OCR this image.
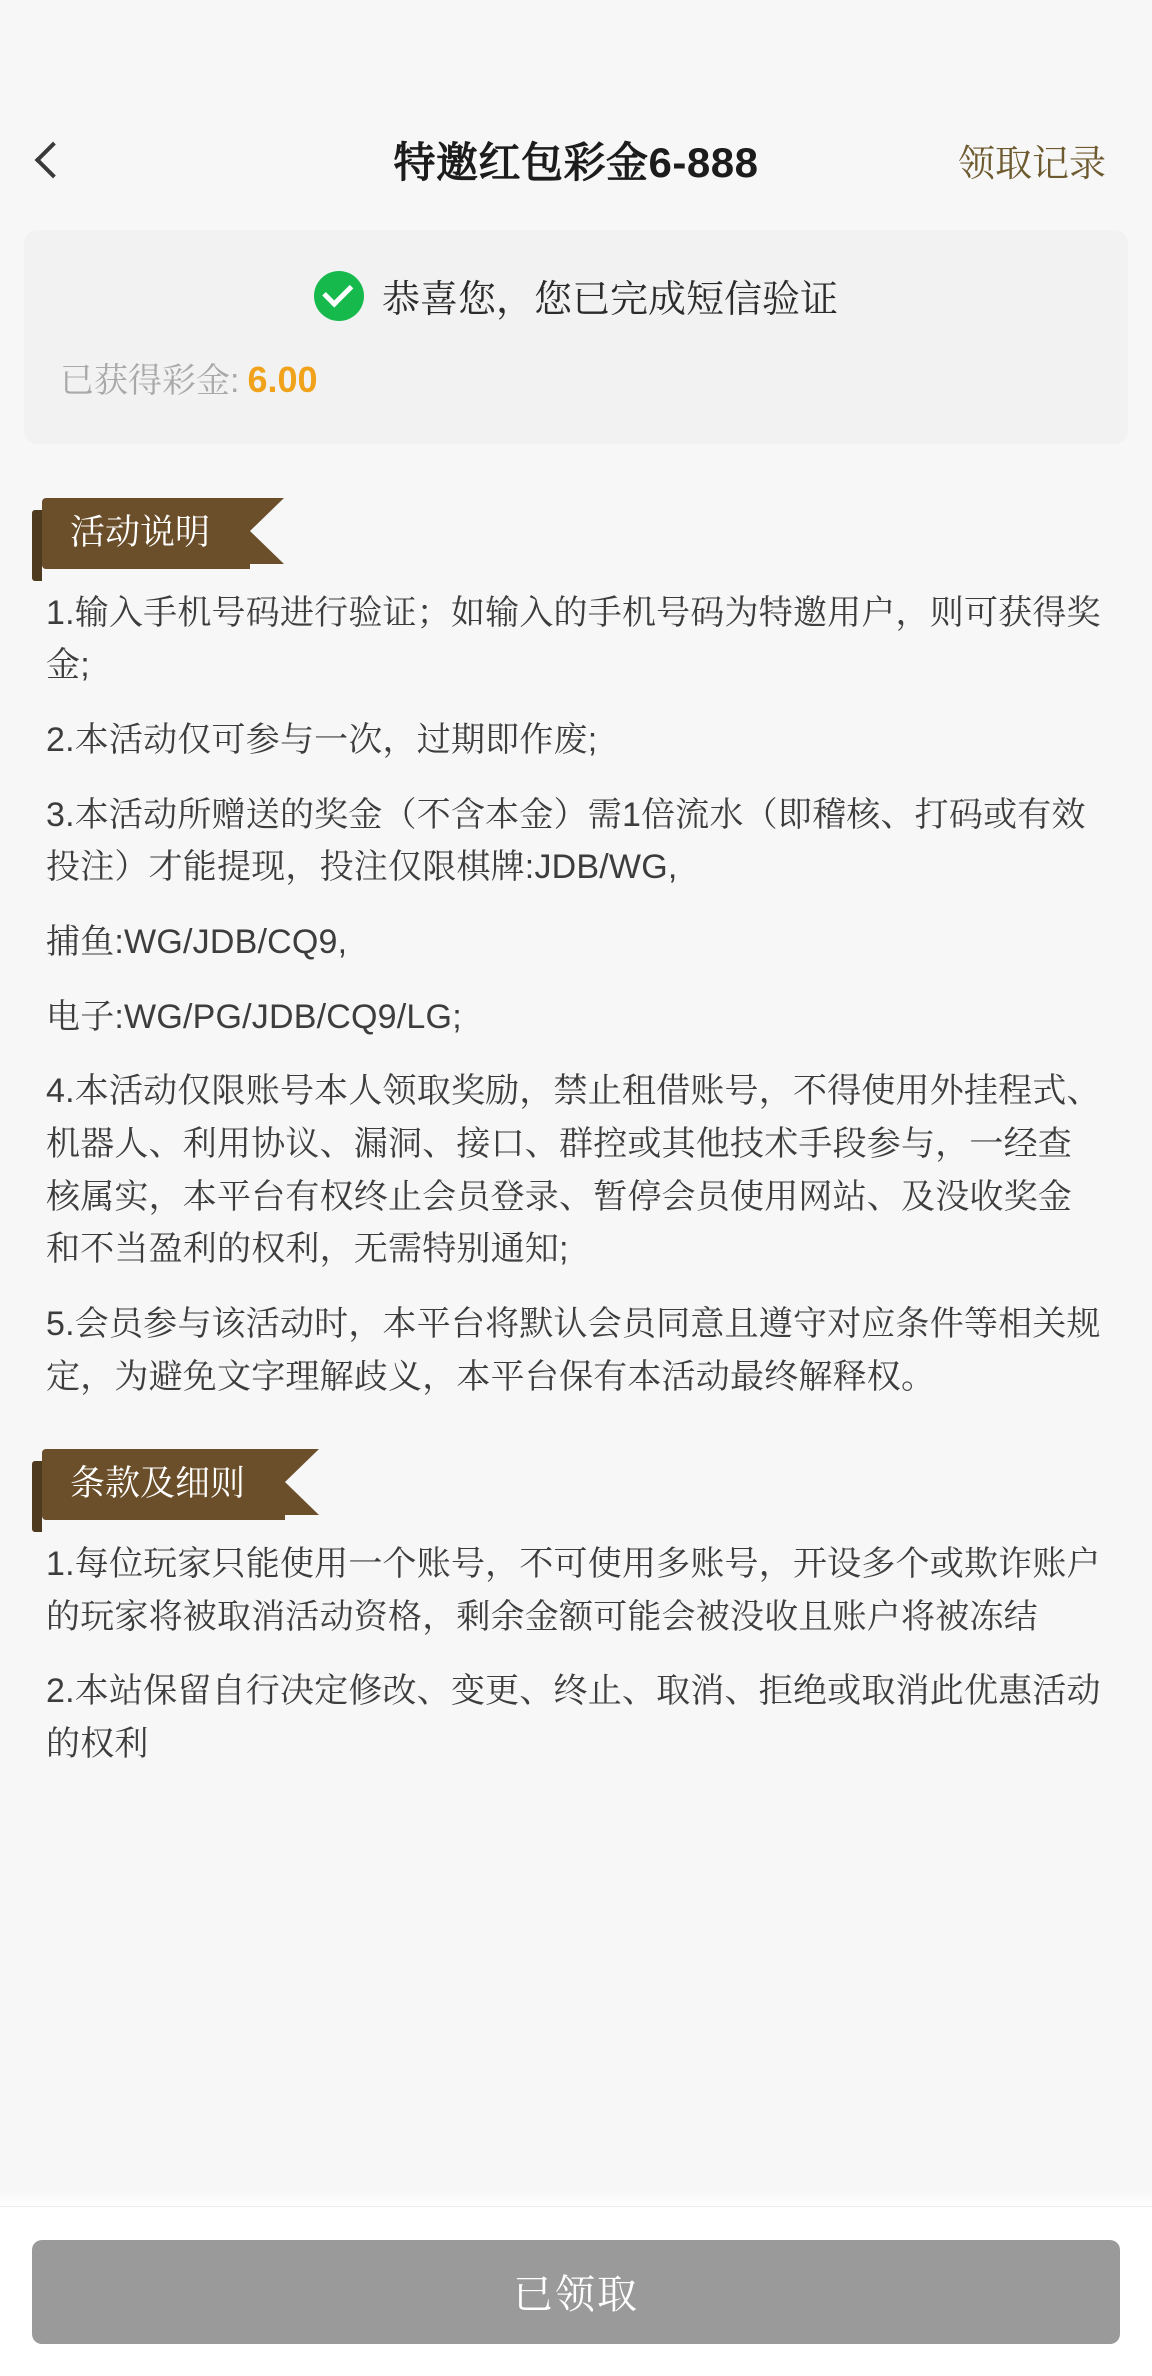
特邀红包彩金6-888	领取记录
恭喜您，您已完成短信验证
已获得彩金: 6.00
活动说明

1.输入手机号码进行验证；如输入的手机号码为特邀用户，则可获得奖金;

2.本活动仅可参与一次，过期即作废;

3.本活动所赠送的奖金（不含本金）需1倍流水（即稽核、打码或有效投注）才能提现，投注仅限棋牌:JDB/WG,

捕鱼:WG/JDB/CQ9,

电子:WG/PG/JDB/CQ9/LG;

4.本活动仅限账号本人领取奖励，禁止租借账号，不得使用外挂程式、机器人、利用协议、漏洞、接口、群控或其他技术手段参与，一经查核属实，本平台有权终止会员登录、暂停会员使用网站、及没收奖金和不当盈利的权利，无需特别通知;

5.会员参与该活动时，本平台将默认会员同意且遵守对应条件等相关规定，为避免文字理解歧义，本平台保有本活动最终解释权。

条款及细则

1.每位玩家只能使用一个账号，不可使用多账号，开设多个或欺诈账户的玩家将被取消活动资格，剩余金额可能会被没收且账户将被冻结

2.本站保留自行决定修改、变更、终止、取消、拒绝或取消此优惠活动的权利

已领取
